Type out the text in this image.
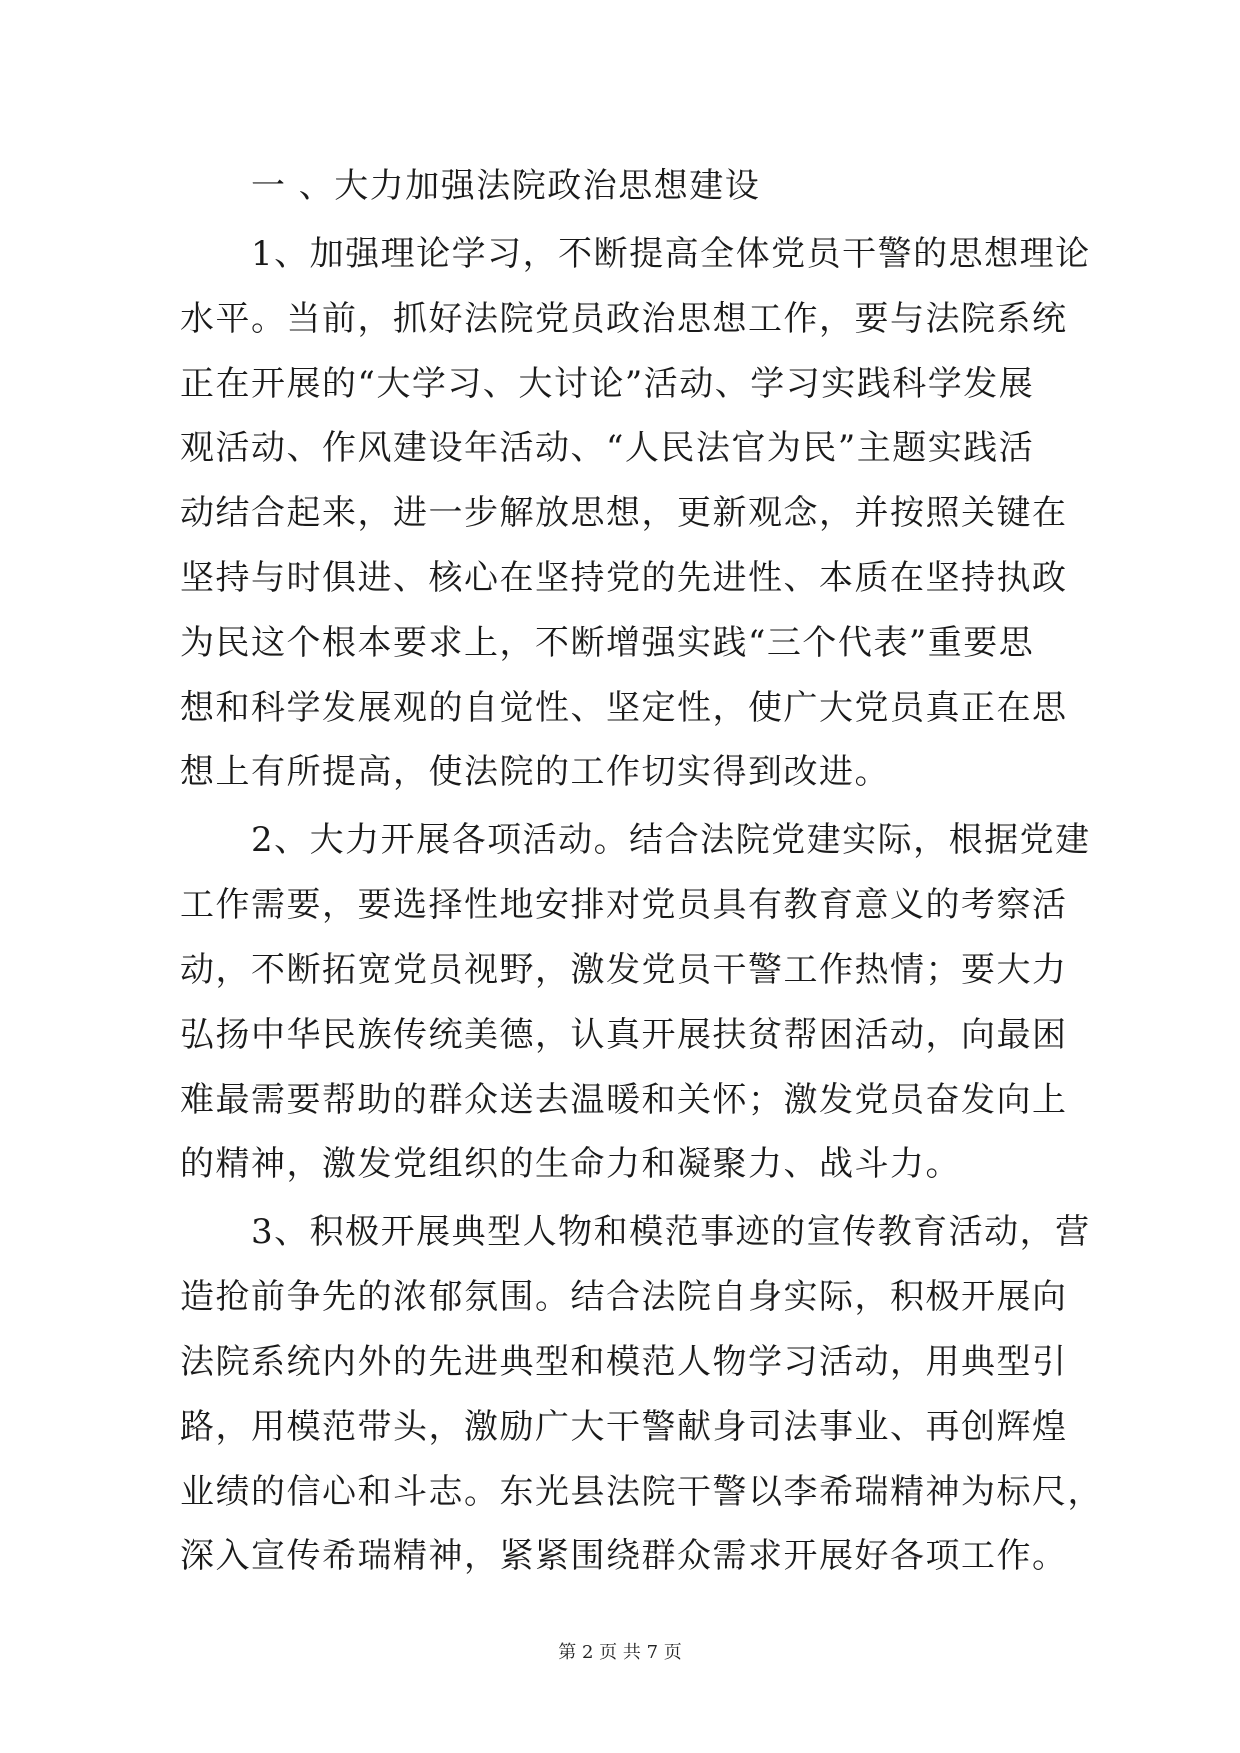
一 、大力加强法院政治思想建设
1、加强理论学习，不断提高全体党员干警的思想理论
水平。当前，抓好法院党员政治思想工作，要与法院系统
正在开展的“大学习、大讨论”活动、学习实践科学发展
观活动、作风建设年活动、“人民法官为民”主题实践活
动结合起来，进一步解放思想，更新观念，并按照关键在
坚持与时俱进、核心在坚持党的先进性、本质在坚持执政
为民这个根本要求上，不断增强实践“三个代表”重要思
想和科学发展观的自觉性、坚定性，使广大党员真正在思
想上有所提高，使法院的工作切实得到改进。
2、大力开展各项活动。结合法院党建实际，根据党建
工作需要，要选择性地安排对党员具有教育意义的考察活
动，不断拓宽党员视野，激发党员干警工作热情；要大力
弘扬中华民族传统美德，认真开展扶贫帮困活动，向最困
难最需要帮助的群众送去温暖和关怀；激发党员奋发向上
的精神，激发党组织的生命力和凝聚力、战斗力。
3、积极开展典型人物和模范事迹的宣传教育活动，营
造抢前争先的浓郁氛围。结合法院自身实际，积极开展向
法院系统内外的先进典型和模范人物学习活动，用典型引
路，用模范带头，激励广大干警献身司法事业、再创辉煌
业绩的信心和斗志。东光县法院干警以李希瑞精神为标尺，
深入宣传希瑞精神，紧紧围绕群众需求开展好各项工作。
第 2 页 共 7 页
